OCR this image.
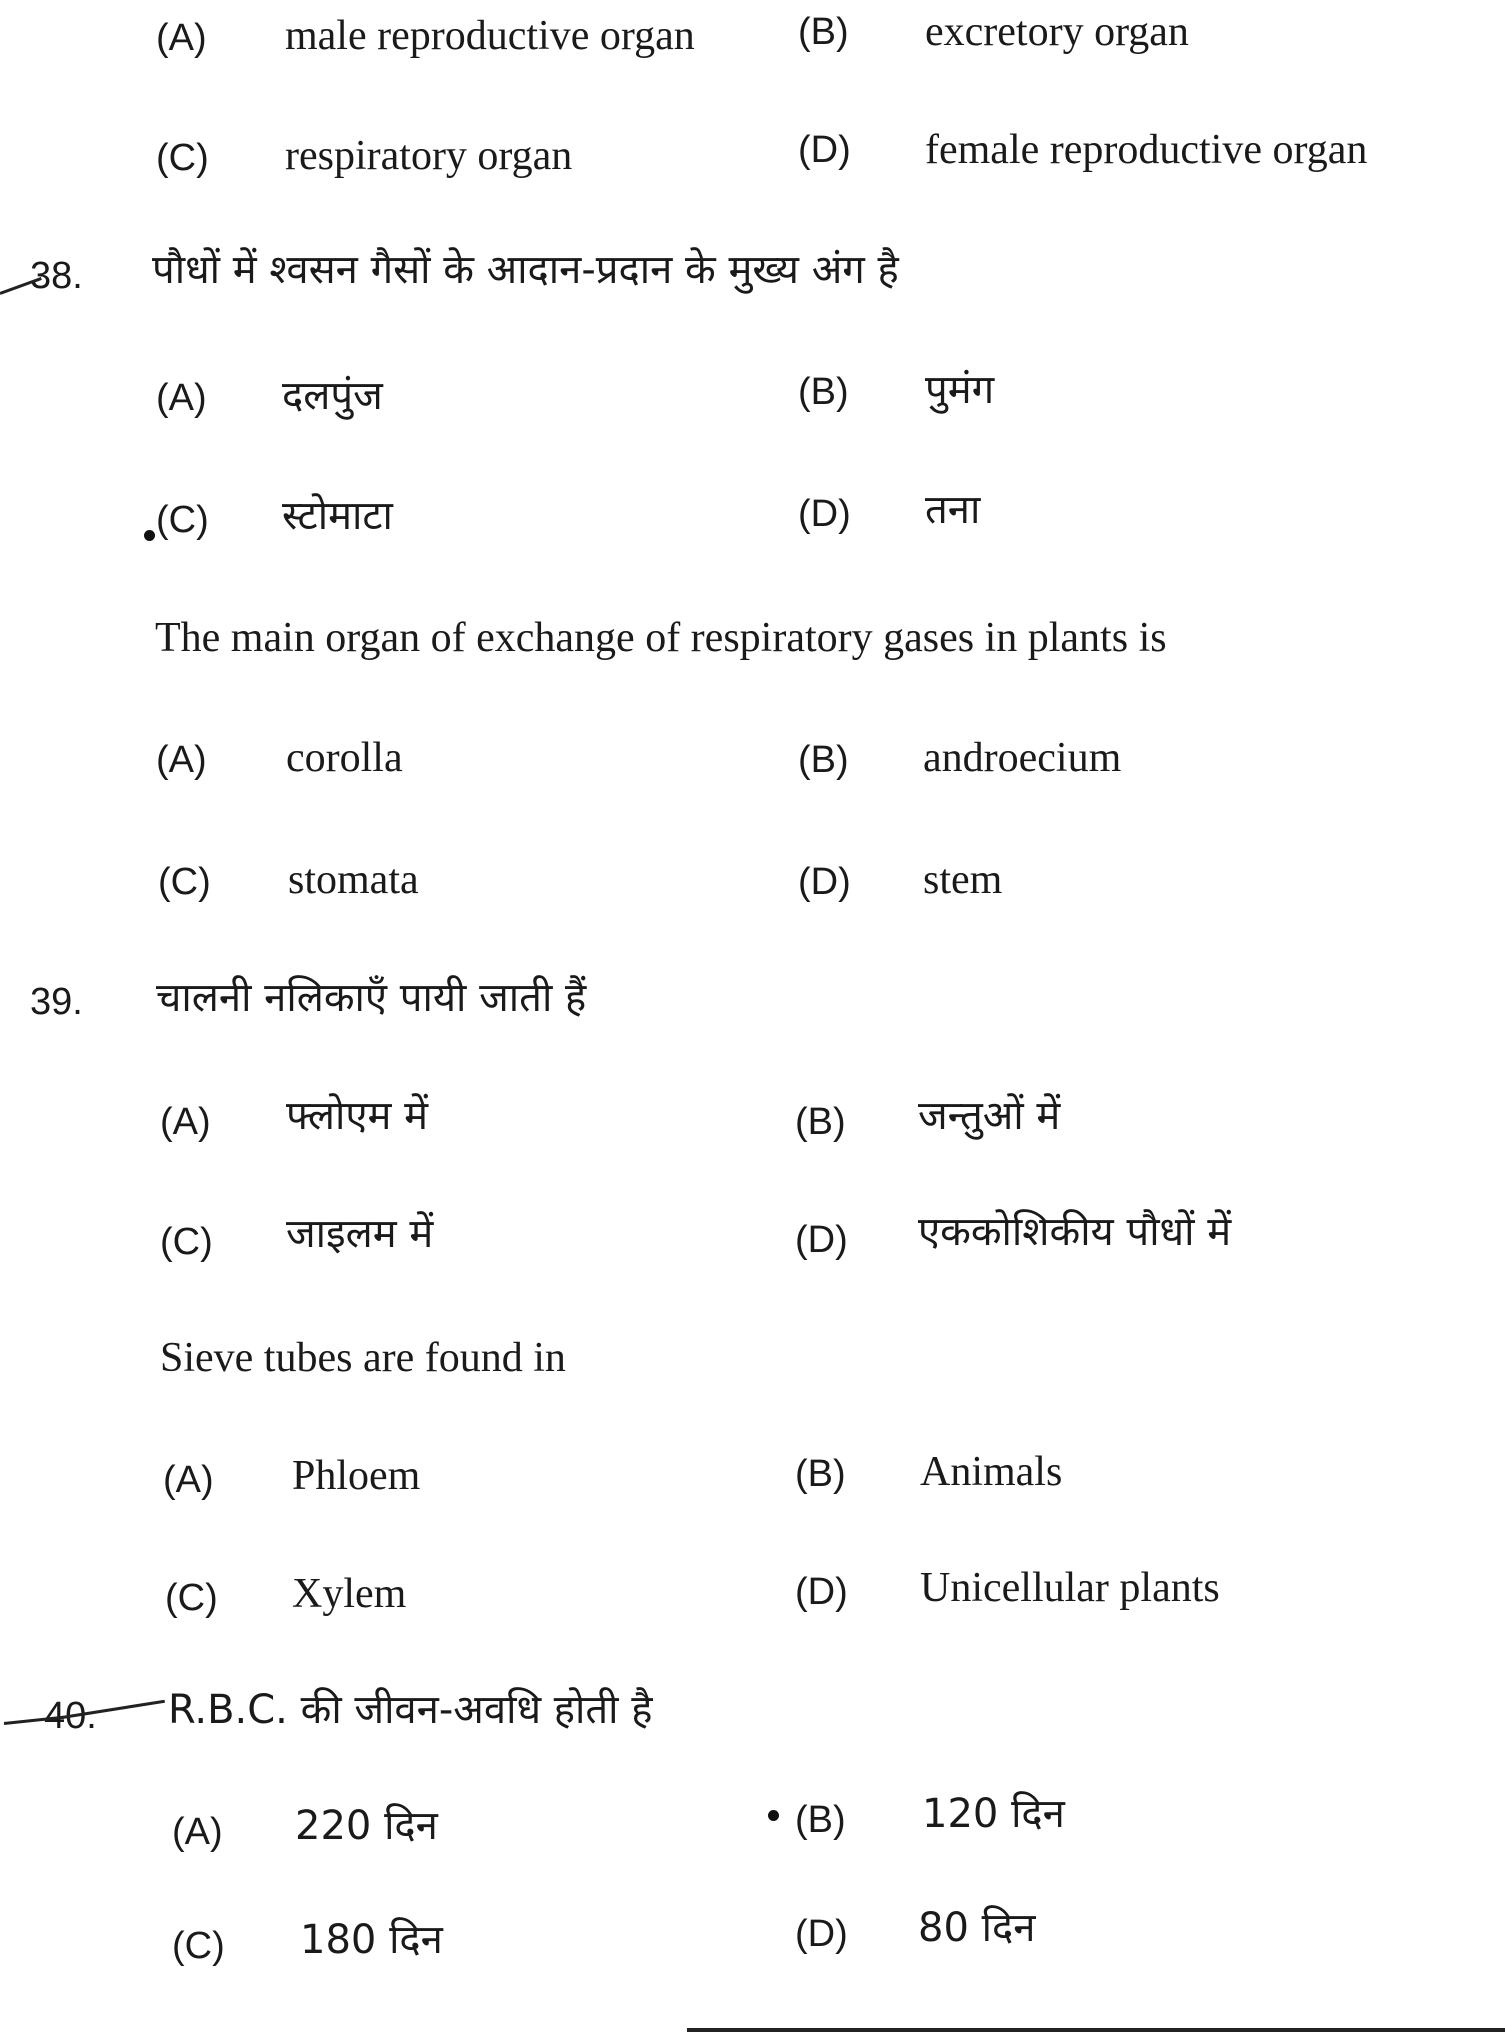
(A) male reproductive organ	(B) excretory organ
(C) respiratory organ	(D) female reproductive organ
38. पौधों में श्वसन गैसों के आदान-प्रदान के मुख्य अंग है
(A) दलपुंज	(B) पुमंग
(C) स्टोमाटा	(D) तना
The main organ of exchange of respiratory gases in plants is
(A) corolla	(B) androecium
(C) stomata	(D) stem
39. चालनी नलिकाएँ पायी जाती हैं
(A) फ्लोएम में	(B) जन्तुओं में
(C) जाइलम में	(D) एककोशिकीय पौधों में
Sieve tubes are found in
(A) Phloem	(B) Animals
(C) Xylem	(D) Unicellular plants
40. R.B.C. की जीवन-अवधि होती है
(A) 220 दिन	(B) 120 दिन
(C) 180 दिन	(D) 80 दिन
